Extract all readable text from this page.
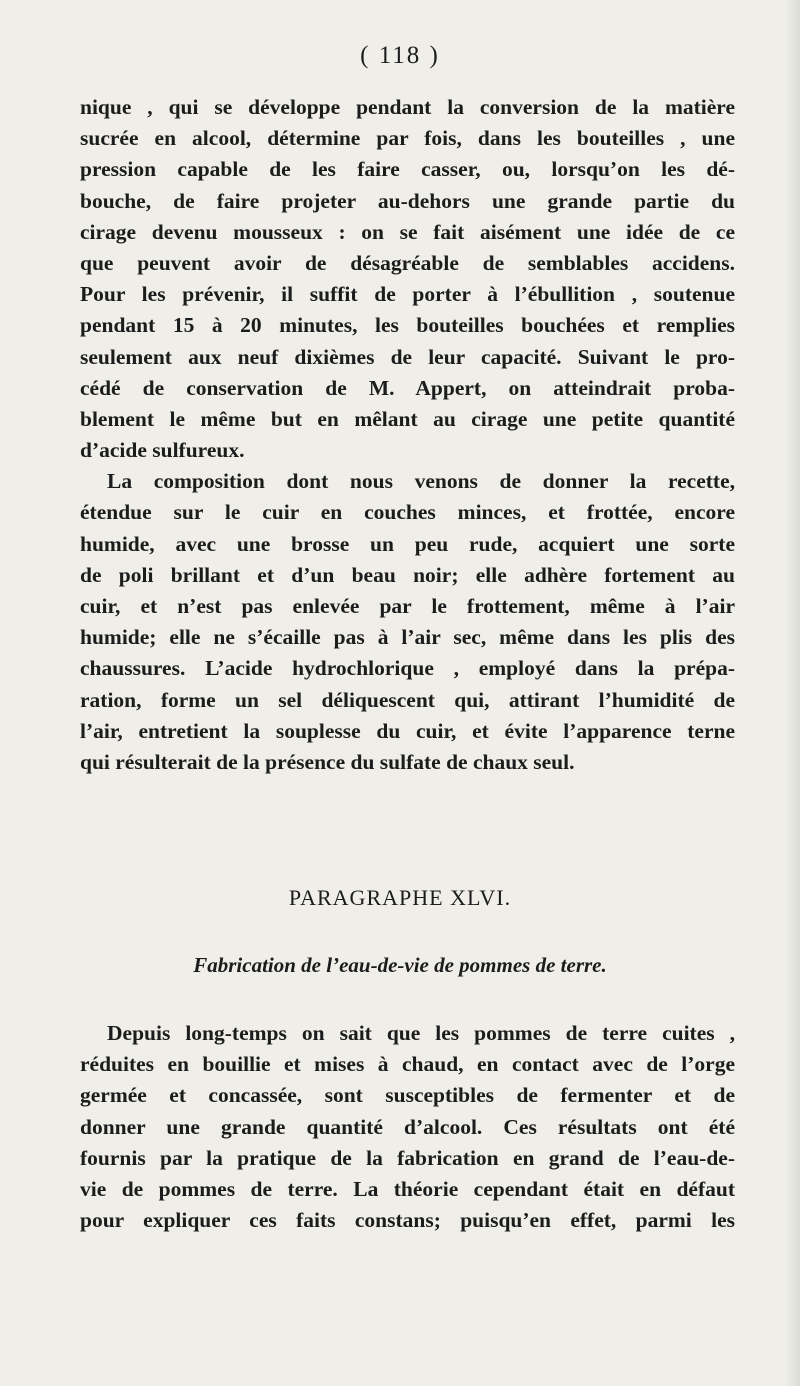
( 118 )
nique , qui se développe pendant la conversion de la matière
sucrée en alcool, détermine par fois, dans les bouteilles , une
pression capable de les faire casser, ou, lorsqu’on les dé-
bouche, de faire projeter au-dehors une grande partie du
cirage devenu mousseux : on se fait aisément une idée de ce
que peuvent avoir de désagréable de semblables accidens.
Pour les prévenir, il suffit de porter à l’ébullition , soutenue
pendant 15 à 20 minutes, les bouteilles bouchées et remplies
seulement aux neuf dixièmes de leur capacité. Suivant le pro-
cédé de conservation de M. Appert, on atteindrait proba-
blement le même but en mêlant au cirage une petite quantité
d’acide sulfureux.
La composition dont nous venons de donner la recette,
étendue sur le cuir en couches minces, et frottée, encore
humide, avec une brosse un peu rude, acquiert une sorte
de poli brillant et d’un beau noir; elle adhère fortement au
cuir, et n’est pas enlevée par le frottement, même à l’air
humide; elle ne s’écaille pas à l’air sec, même dans les plis des
chaussures. L’acide hydrochlorique , employé dans la prépa-
ration, forme un sel déliquescent qui, attirant l’humidité de
l’air, entretient la souplesse du cuir, et évite l’apparence terne
qui résulterait de la présence du sulfate de chaux seul.
PARAGRAPHE XLVI.
Fabrication de l’eau-de-vie de pommes de terre.
Depuis long-temps on sait que les pommes de terre cuites ,
réduites en bouillie et mises à chaud, en contact avec de l’orge
germée et concassée, sont susceptibles de fermenter et de
donner une grande quantité d’alcool. Ces résultats ont été
fournis par la pratique de la fabrication en grand de l’eau-de-
vie de pommes de terre. La théorie cependant était en défaut
pour expliquer ces faits constans; puisqu’en effet, parmi les
